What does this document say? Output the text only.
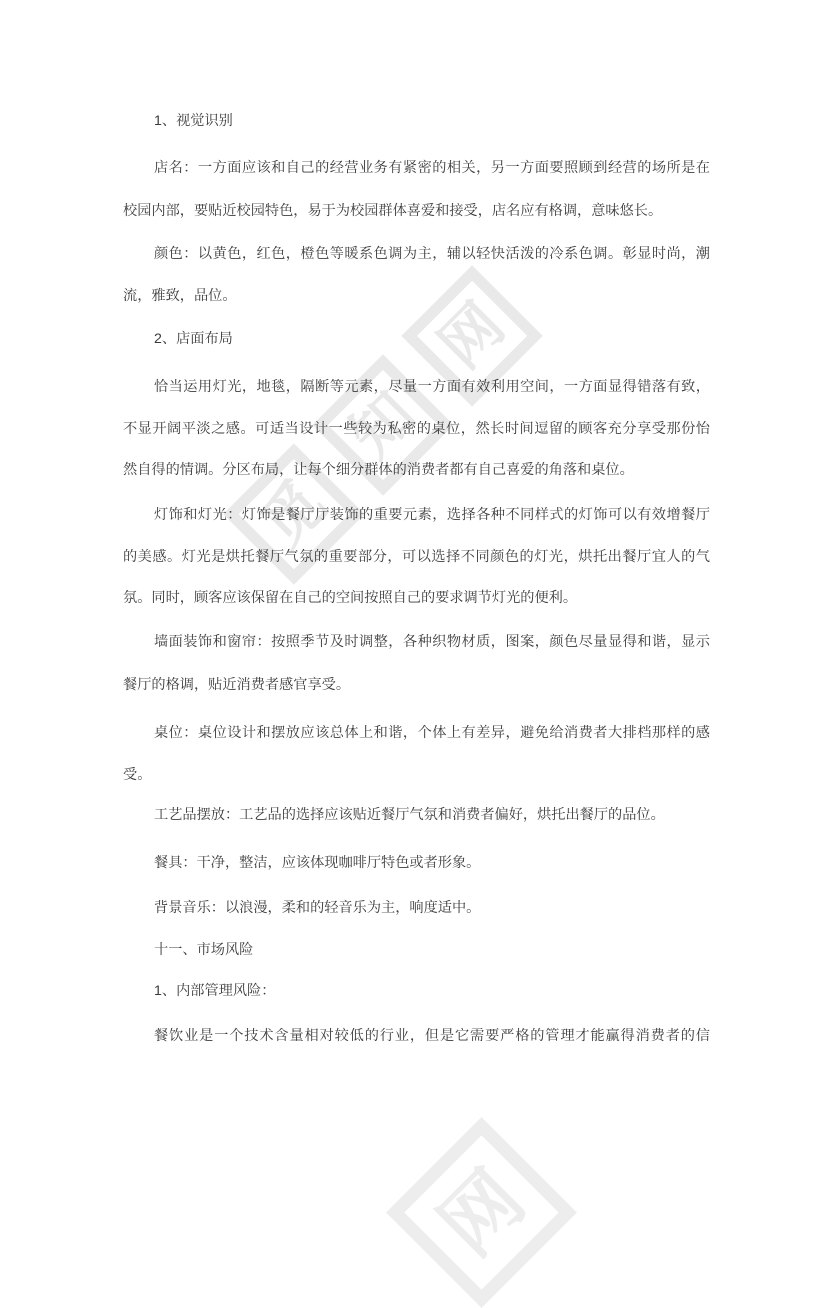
觅
知
网
网
1、视觉识别
店名：一方面应该和自己的经营业务有紧密的相关，另一方面要照顾到经营的场所是在
校园内部，要贴近校园特色，易于为校园群体喜爱和接受，店名应有格调，意味悠长。
颜色：以黄色，红色，橙色等暖系色调为主，辅以轻快活泼的冷系色调。彰显时尚，潮
流，雅致，品位。
2、店面布局
恰当运用灯光，地毯，隔断等元素，尽量一方面有效利用空间，一方面显得错落有致，
不显开阔平淡之感。可适当设计一些较为私密的桌位，然长时间逗留的顾客充分享受那份怡
然自得的情调。分区布局，让每个细分群体的消费者都有自己喜爱的角落和桌位。
灯饰和灯光：灯饰是餐厅厅装饰的重要元素，选择各种不同样式的灯饰可以有效增餐厅
的美感。灯光是烘托餐厅气氛的重要部分，可以选择不同颜色的灯光，烘托出餐厅宜人的气
氛。同时，顾客应该保留在自己的空间按照自己的要求调节灯光的便利。
墙面装饰和窗帘：按照季节及时调整，各种织物材质，图案，颜色尽量显得和谐，显示
餐厅的格调，贴近消费者感官享受。
桌位：桌位设计和摆放应该总体上和谐，个体上有差异，避免给消费者大排档那样的感
受。
工艺品摆放：工艺品的选择应该贴近餐厅气氛和消费者偏好，烘托出餐厅的品位。
餐具：干净，整洁，应该体现咖啡厅特色或者形象。
背景音乐：以浪漫，柔和的轻音乐为主，响度适中。
十一、市场风险
1、内部管理风险：
餐饮业是一个技术含量相对较低的行业，但是它需要严格的管理才能赢得消费者的信
